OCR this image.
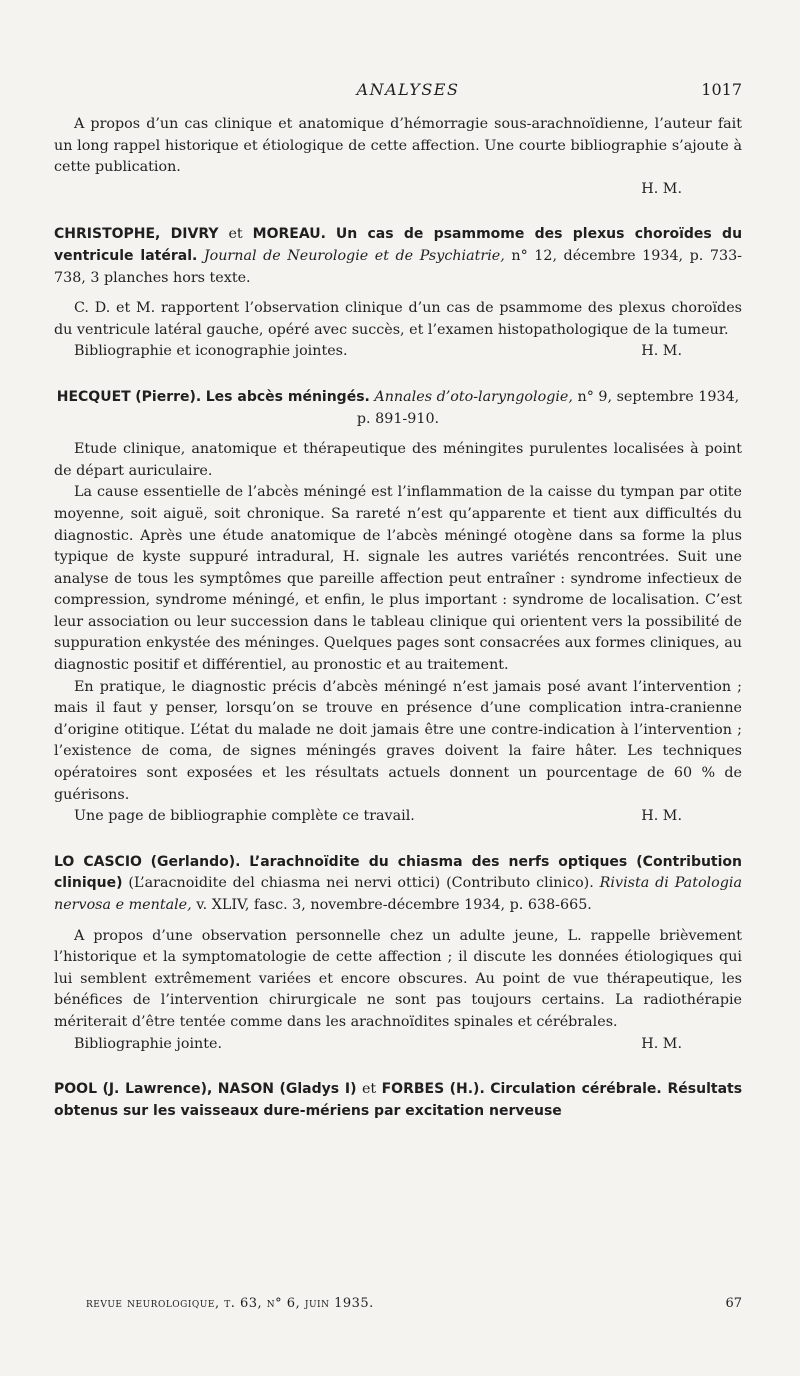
ANALYSES	1017

A propos d’un cas clinique et anatomique d’hémorragie sous-arachnoïdienne, l’auteur fait un long rappel historique et étiologique de cette affection. Une courte bibliographie s’ajoute à cette publication.

H. M.

CHRISTOPHE, DIVRY et MOREAU. Un cas de psammome des plexus choroïdes du ventricule latéral. Journal de Neurologie et de Psychiatrie, n° 12, décembre 1934, p. 733-738, 3 planches hors texte.

C. D. et M. rapportent l’observation clinique d’un cas de psammome des plexus choroïdes du ventricule latéral gauche, opéré avec succès, et l’examen histopathologique de la tumeur.

Bibliographie et iconographie jointes.	H. M.

HECQUET (Pierre). Les abcès méningés. Annales d’oto-laryngologie, n° 9, septembre 1934, p. 891-910.

Etude clinique, anatomique et thérapeutique des méningites purulentes localisées à point de départ auriculaire.

La cause essentielle de l’abcès méningé est l’inflammation de la caisse du tympan par otite moyenne, soit aiguë, soit chronique. Sa rareté n’est qu’apparente et tient aux difficultés du diagnostic. Après une étude anatomique de l’abcès méningé otogène dans sa forme la plus typique de kyste suppuré intradural, H. signale les autres variétés rencontrées. Suit une analyse de tous les symptômes que pareille affection peut entraîner : syndrome infectieux de compression, syndrome méningé, et enfin, le plus important : syndrome de localisation. C’est leur association ou leur succession dans le tableau clinique qui orientent vers la possibilité de suppuration enkystée des méninges. Quelques pages sont consacrées aux formes cliniques, au diagnostic positif et différentiel, au pronostic et au traitement.

En pratique, le diagnostic précis d’abcès méningé n’est jamais posé avant l’intervention ; mais il faut y penser, lorsqu’on se trouve en présence d’une complication intra-cranienne d’origine otitique. L’état du malade ne doit jamais être une contre-indication à l’intervention ; l’existence de coma, de signes méningés graves doivent la faire hâter. Les techniques opératoires sont exposées et les résultats actuels donnent un pourcentage de 60 % de guérisons.

Une page de bibliographie complète ce travail.	H. M.

LO CASCIO (Gerlando). L’arachnoïdite du chiasma des nerfs optiques (Contribution clinique) (L’aracnoidite del chiasma nei nervi ottici) (Contributo clinico). Rivista di Patologia nervosa e mentale, v. XLIV, fasc. 3, novembre-décembre 1934, p. 638-665.

A propos d’une observation personnelle chez un adulte jeune, L. rappelle brièvement l’historique et la symptomatologie de cette affection ; il discute les données étiologiques qui lui semblent extrêmement variées et encore obscures. Au point de vue thérapeutique, les bénéfices de l’intervention chirurgicale ne sont pas toujours certains. La radiothérapie mériterait d’être tentée comme dans les arachnoïdites spinales et cérébrales.

Bibliographie jointe.	H. M.

POOL (J. Lawrence), NASON (Gladys I) et FORBES (H.). Circulation cérébrale. Résultats obtenus sur les vaisseaux dure-mériens par excitation nerveuse

revue neurologique, t. 63, n° 6, juin 1935.	67
